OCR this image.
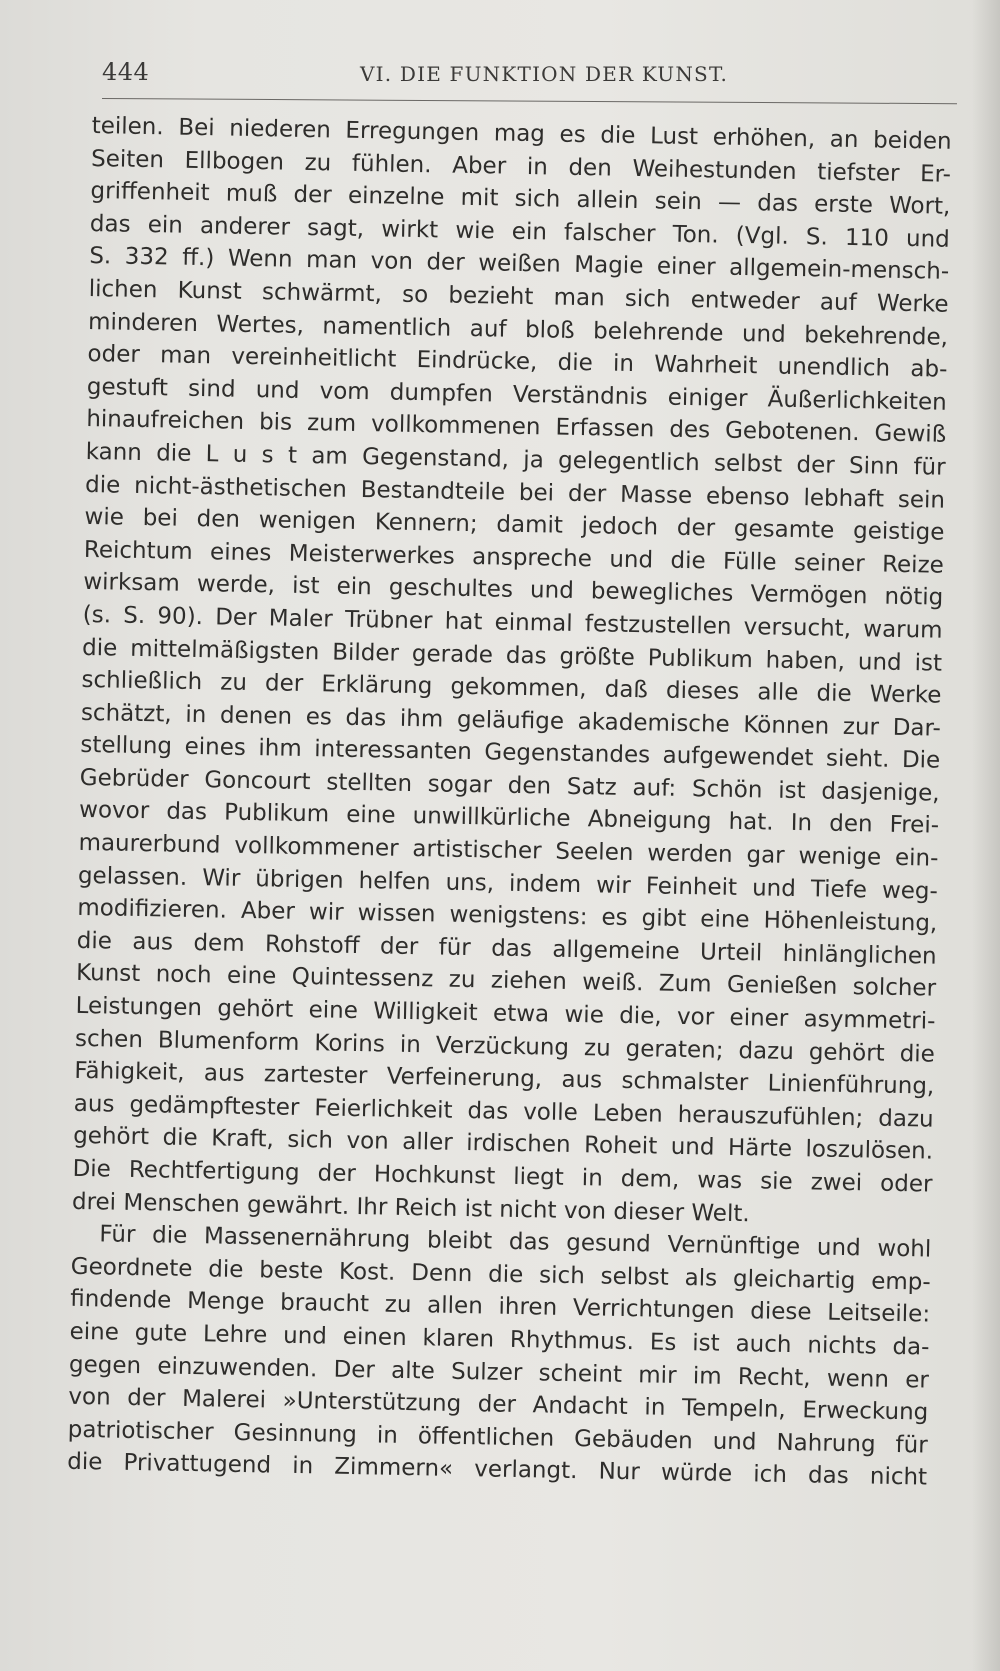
444	VI. DIE FUNKTION DER KUNST.
teilen. Bei niederen Erregungen mag es die Lust erhöhen, an beiden
Seiten Ellbogen zu fühlen. Aber in den Weihestunden tiefster Er-
griffenheit muß der einzelne mit sich allein sein — das erste Wort,
das ein anderer sagt, wirkt wie ein falscher Ton. (Vgl. S. 110 und
S. 332 ff.) Wenn man von der weißen Magie einer allgemein-mensch-
lichen Kunst schwärmt, so bezieht man sich entweder auf Werke
minderen Wertes, namentlich auf bloß belehrende und bekehrende,
oder man vereinheitlicht Eindrücke, die in Wahrheit unendlich ab-
gestuft sind und vom dumpfen Verständnis einiger Äußerlichkeiten
hinaufreichen bis zum vollkommenen Erfassen des Gebotenen. Gewiß
kann die L u s t am Gegenstand, ja gelegentlich selbst der Sinn für
die nicht-ästhetischen Bestandteile bei der Masse ebenso lebhaft sein
wie bei den wenigen Kennern; damit jedoch der gesamte geistige
Reichtum eines Meisterwerkes anspreche und die Fülle seiner Reize
wirksam werde, ist ein geschultes und bewegliches Vermögen nötig
(s. S. 90). Der Maler Trübner hat einmal festzustellen versucht, warum
die mittelmäßigsten Bilder gerade das größte Publikum haben, und ist
schließlich zu der Erklärung gekommen, daß dieses alle die Werke
schätzt, in denen es das ihm geläufige akademische Können zur Dar-
stellung eines ihm interessanten Gegenstandes aufgewendet sieht. Die
Gebrüder Goncourt stellten sogar den Satz auf: Schön ist dasjenige,
wovor das Publikum eine unwillkürliche Abneigung hat. In den Frei-
maurerbund vollkommener artistischer Seelen werden gar wenige ein-
gelassen. Wir übrigen helfen uns, indem wir Feinheit und Tiefe weg-
modifizieren. Aber wir wissen wenigstens: es gibt eine Höhenleistung,
die aus dem Rohstoff der für das allgemeine Urteil hinlänglichen
Kunst noch eine Quintessenz zu ziehen weiß. Zum Genießen solcher
Leistungen gehört eine Willigkeit etwa wie die, vor einer asymmetri-
schen Blumenform Korins in Verzückung zu geraten; dazu gehört die
Fähigkeit, aus zartester Verfeinerung, aus schmalster Linienführung,
aus gedämpftester Feierlichkeit das volle Leben herauszufühlen; dazu
gehört die Kraft, sich von aller irdischen Roheit und Härte loszulösen.
Die Rechtfertigung der Hochkunst liegt in dem, was sie zwei oder
drei Menschen gewährt. Ihr Reich ist nicht von dieser Welt.
Für die Massenernährung bleibt das gesund Vernünftige und wohl
Geordnete die beste Kost. Denn die sich selbst als gleichartig emp-
findende Menge braucht zu allen ihren Verrichtungen diese Leitseile:
eine gute Lehre und einen klaren Rhythmus. Es ist auch nichts da-
gegen einzuwenden. Der alte Sulzer scheint mir im Recht, wenn er
von der Malerei »Unterstützung der Andacht in Tempeln, Erweckung
patriotischer Gesinnung in öffentlichen Gebäuden und Nahrung für
die Privattugend in Zimmern« verlangt. Nur würde ich das nicht
